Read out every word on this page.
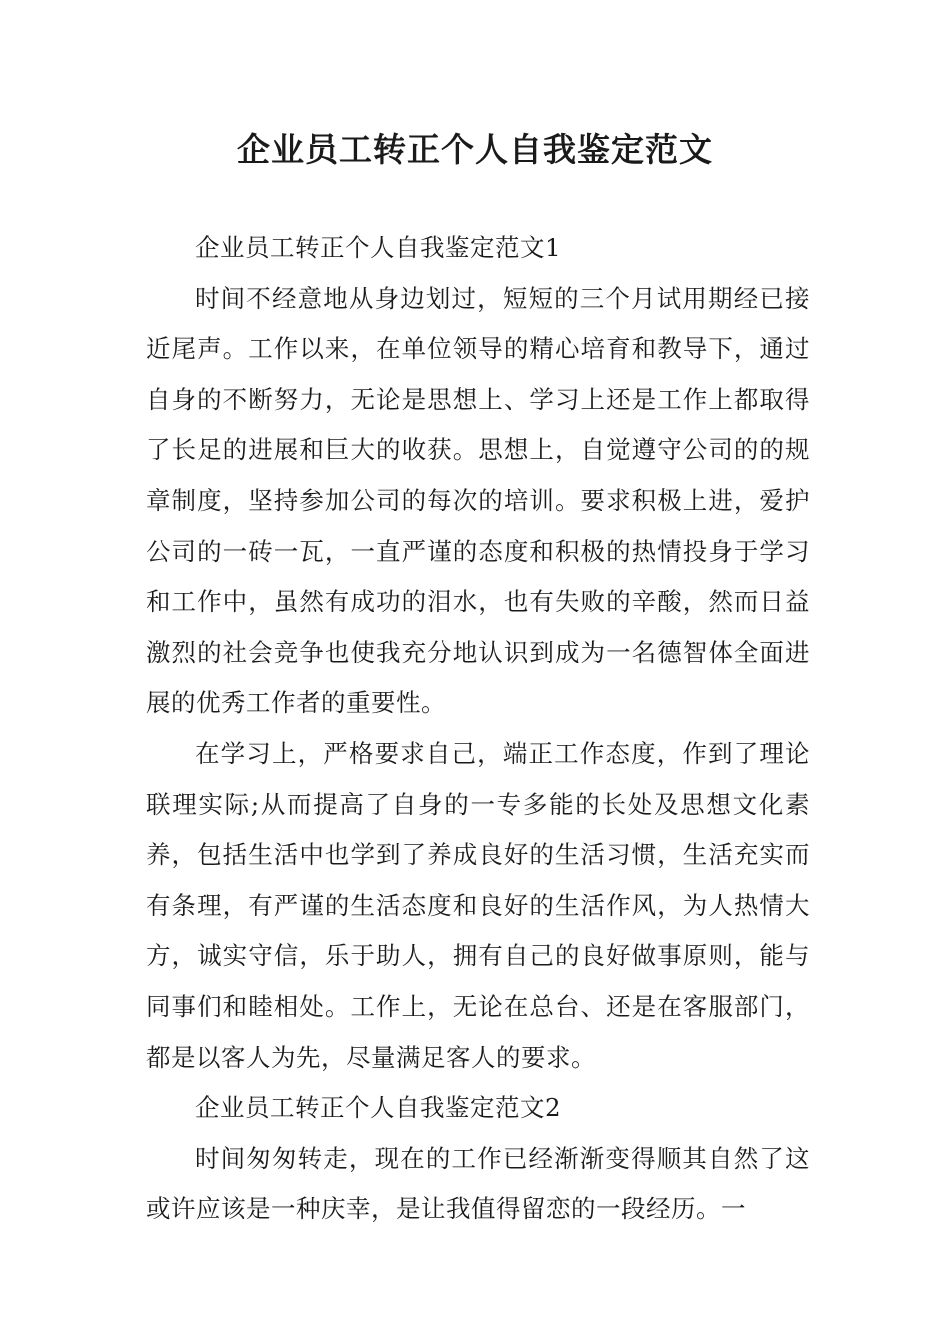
企业员工转正个人自我鉴定范文

企业员工转正个人自我鉴定范文1

时间不经意地从身边划过，短短的三个月试用期经已接近尾声。工作以来，在单位领导的精心培育和教导下，通过自身的不断努力，无论是思想上、学习上还是工作上都取得了长足的进展和巨大的收获。思想上，自觉遵守公司的的规章制度，坚持参加公司的每次的培训。要求积极上进，爱护公司的一砖一瓦，一直严谨的态度和积极的热情投身于学习和工作中，虽然有成功的泪水，也有失败的辛酸，然而日益激烈的社会竞争也使我充分地认识到成为一名德智体全面进展的优秀工作者的重要性。

在学习上，严格要求自己，端正工作态度，作到了理论联理实际;从而提高了自身的一专多能的长处及思想文化素养，包括生活中也学到了养成良好的生活习惯，生活充实而有条理，有严谨的生活态度和良好的生活作风，为人热情大方，诚实守信，乐于助人，拥有自己的良好做事原则，能与同事们和睦相处。工作上，无论在总台、还是在客服部门，都是以客人为先，尽量满足客人的要求。

企业员工转正个人自我鉴定范文2

时间匆匆转走，现在的工作已经渐渐变得顺其自然了这或许应该是一种庆幸，是让我值得留恋的一段经历。一
